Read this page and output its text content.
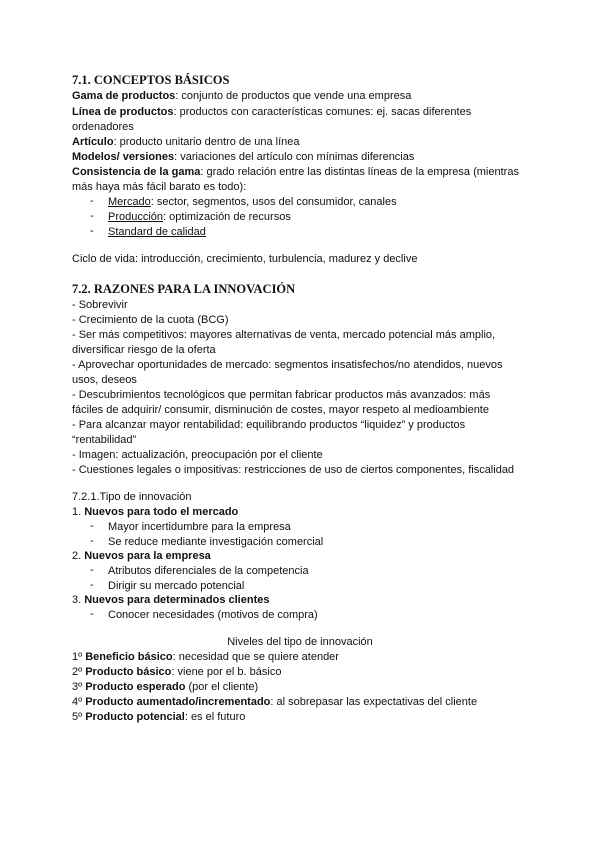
7.1. CONCEPTOS BÁSICOS
Gama de productos: conjunto de productos que vende una empresa
Línea de productos: productos con características comunes: ej. sacas diferentes
ordenadores
Artículo: producto unitario dentro de una línea
Modelos/ versiones: variaciones del artículo con mínimas diferencias
Consistencia de la gama: grado relación entre las distintas líneas de la empresa (mientras
más haya más fácil barato es todo):
- Mercado: sector, segmentos, usos del consumidor, canales
- Producción: optimización de recursos
- Standard de calidad
Ciclo de vida: introducción, crecimiento, turbulencia, madurez y declive
7.2. RAZONES PARA LA INNOVACIÓN
- Sobrevivir
- Crecimiento de la cuota (BCG)
- Ser más competitivos: mayores alternativas de venta, mercado potencial más amplio,
diversificar riesgo de la oferta
- Aprovechar oportunidades de mercado: segmentos insatisfechos/no atendidos, nuevos
usos, deseos
- Descubrimientos tecnológicos que permitan fabricar productos más avanzados: más
fáciles de adquirir/ consumir, disminución de costes, mayor respeto al medioambiente
- Para alcanzar mayor rentabilidad: equilibrando productos “liquidez” y productos
“rentabilidad”
- Imagen: actualización, preocupación por el cliente
- Cuestiones legales o impositivas: restricciones de uso de ciertos componentes, fiscalidad
7.2.1.Tipo de innovación
1. Nuevos para todo el mercado
- Mayor incertidumbre para la empresa
- Se reduce mediante investigación comercial
2. Nuevos para la empresa
- Atributos diferenciales de la competencia
- Dirigir su mercado potencial
3. Nuevos para determinados clientes
- Conocer necesidades (motivos de compra)
Niveles del tipo de innovación
1º Beneficio básico: necesidad que se quiere atender
2º Producto básico: viene por el b. básico
3º Producto esperado (por el cliente)
4º Producto aumentado/incrementado: al sobrepasar las expectativas del cliente
5º Producto potencial: es el futuro
